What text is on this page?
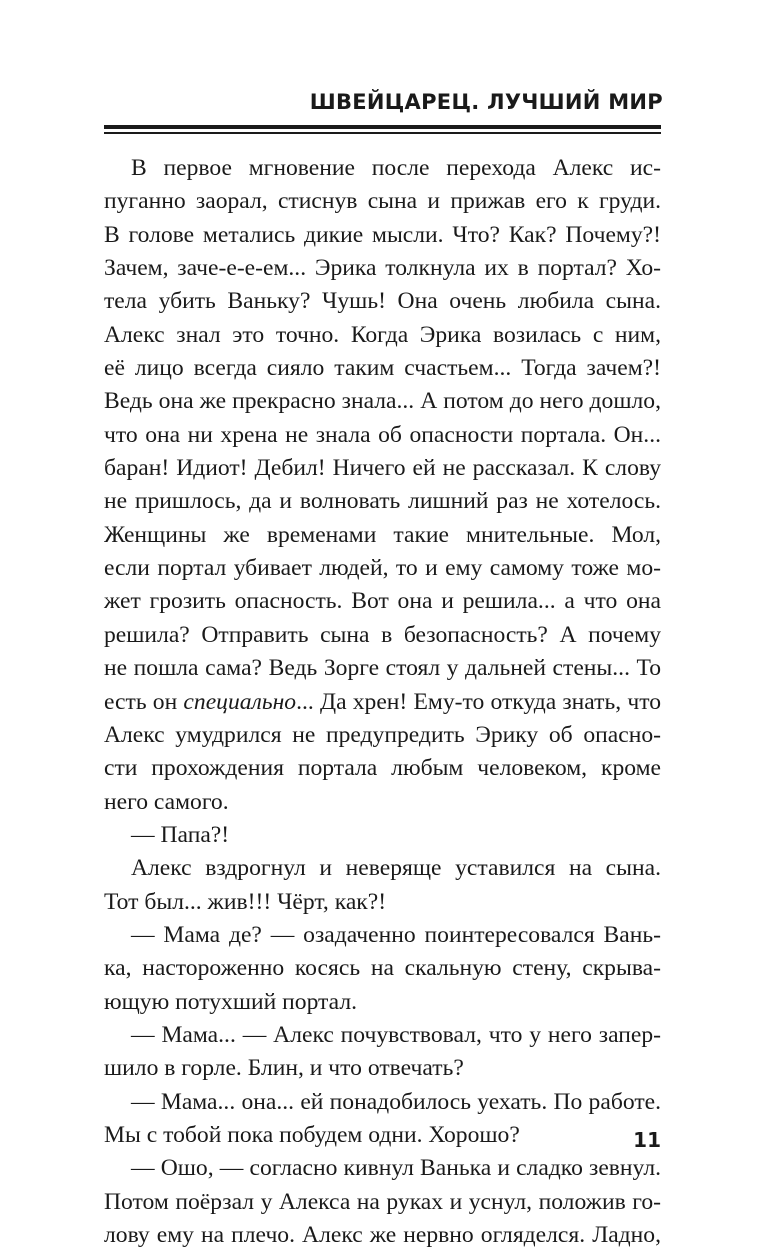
ШВЕЙЦАРЕЦ. ЛУЧШИЙ МИР
В первое мгновение после перехода Алекс ис-
пуганно заорал, стиснув сына и прижав его к груди.
В голове метались дикие мысли. Что? Как? Почему?!
Зачем, заче-е-е-ем... Эрика толкнула их в портал? Хо-
тела убить Ваньку? Чушь! Она очень любила сына.
Алекс знал это точно. Когда Эрика возилась с ним,
её лицо всегда сияло таким счастьем... Тогда зачем?!
Ведь она же прекрасно знала... А потом до него дошло,
что она ни хрена не знала об опасности портала. Он...
баран! Идиот! Дебил! Ничего ей не рассказал. К слову
не пришлось, да и волновать лишний раз не хотелось.
Женщины же временами такие мнительные. Мол,
если портал убивает людей, то и ему самому тоже мо-
жет грозить опасность. Вот она и решила... а что она
решила? Отправить сына в безопасность? А почему
не пошла сама? Ведь Зорге стоял у дальней стены... То
есть он специально... Да хрен! Ему-то откуда знать, что
Алекс умудрился не предупредить Эрику об опасно-
сти прохождения портала любым человеком, кроме
него самого.
— Папа?!
Алекс вздрогнул и неверяще уставился на сына.
Тот был... жив!!! Чёрт, как?!
— Мама де? — озадаченно поинтересовался Вань-
ка, настороженно косясь на скальную стену, скрыва-
ющую потухший портал.
— Мама... — Алекс почувствовал, что у него запер-
шило в горле. Блин, и что отвечать?
— Мама... она... ей понадобилось уехать. По работе.
Мы с тобой пока побудем одни. Хорошо?
— Ошо, — согласно кивнул Ванька и сладко зевнул.
Потом поёрзал у Алекса на руках и уснул, положив го-
лову ему на плечо. Алекс же нервно огляделся. Ладно,
11
